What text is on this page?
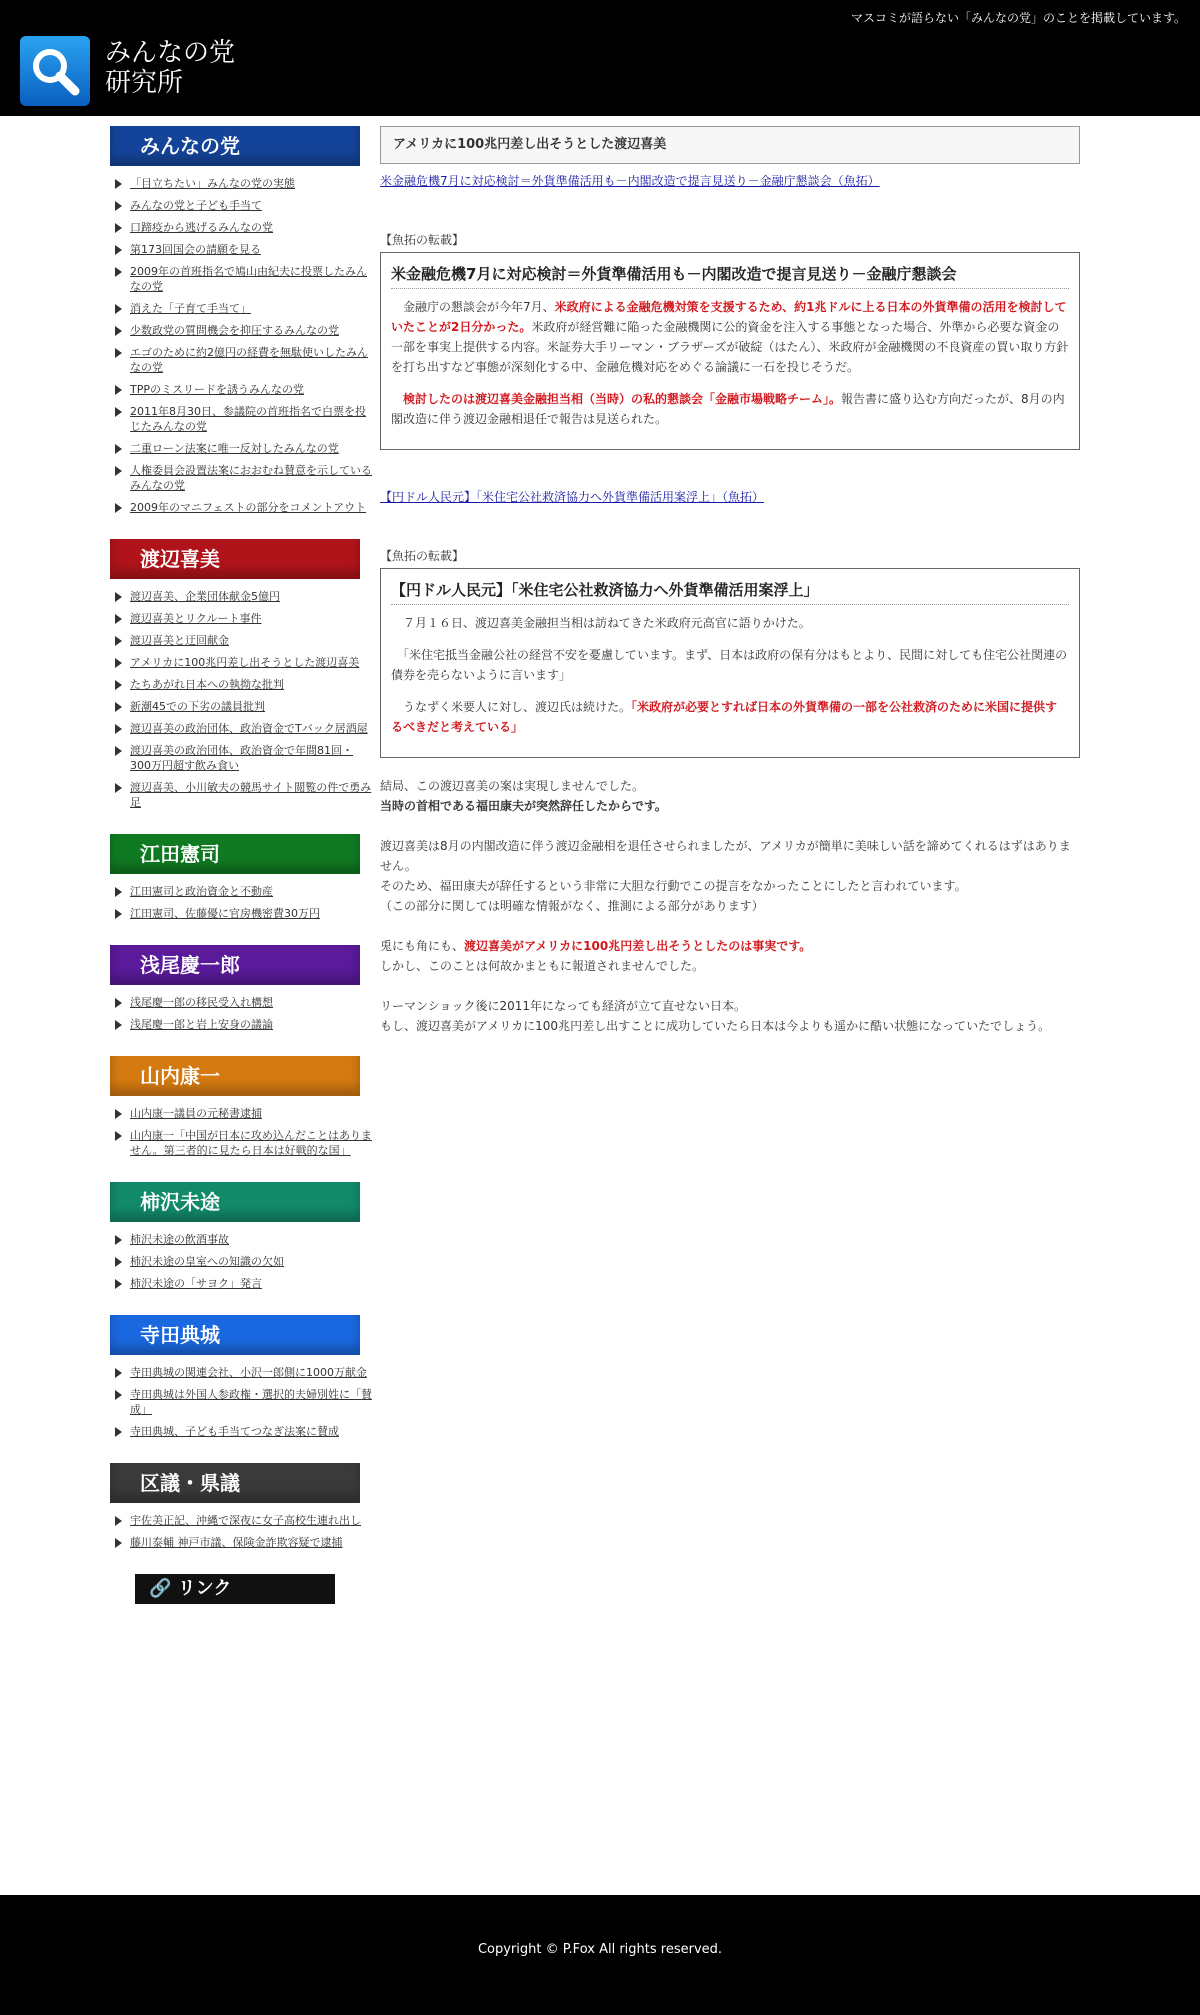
マスコミが語らない「みんなの党」のことを掲載しています。
みんなの党
研究所
みんなの党
「目立ちたい」みんなの党の実態
みんなの党と子ども手当て
口蹄疫から逃げるみんなの党
第173回国会の請願を見る
2009年の首班指名で鳩山由紀夫に投票したみんなの党
消えた「子育て手当て」
少数政党の質問機会を抑圧するみんなの党
エゴのために約2億円の経費を無駄使いしたみんなの党
TPPのミスリードを誘うみんなの党
2011年8月30日、参議院の首班指名で白票を投じたみんなの党
二重ローン法案に唯一反対したみんなの党
人権委員会設置法案におおむね賛意を示しているみんなの党
2009年のマニフェストの部分をコメントアウト
渡辺喜美
渡辺喜美、企業団体献金5億円
渡辺喜美とリクルート事件
渡辺喜美と迂回献金
アメリカに100兆円差し出そうとした渡辺喜美
たちあがれ日本への執拗な批判
新潮45での下劣の議員批判
渡辺喜美の政治団体、政治資金でTバック居酒屋
渡辺喜美の政治団体、政治資金で年間81回・300万円超す飲み食い
渡辺喜美、小川敏夫の競馬サイト閲覧の件で勇み足
江田憲司
江田憲司と政治資金と不動産
江田憲司、佐藤優に官房機密費30万円
浅尾慶一郎
浅尾慶一郎の移民受入れ構想
浅尾慶一郎と岩上安身の議論
山内康一
山内康一議員の元秘書逮捕
山内康一「中国が日本に攻め込んだことはありません。第三者的に見たら日本は好戦的な国」
柿沢未途
柿沢未途の飲酒事故
柿沢未途の皇室への知識の欠如
柿沢未途の「サヨク」発言
寺田典城
寺田典城の関連会社、小沢一郎側に1000万献金
寺田典城は外国人参政権・選択的夫婦別姓に「賛成」
寺田典城、子ども手当てつなぎ法案に賛成
区議・県議
宇佐美正記、沖縄で深夜に女子高校生連れ出し
藤川泰輔 神戸市議、保険金詐欺容疑で逮捕
🔗 リンク
アメリカに100兆円差し出そうとした渡辺喜美

米金融危機7月に対応検討＝外貨準備活用も－内閣改造で提言見送り－金融庁懇談会（魚拓）

【魚拓の転載】

米金融危機7月に対応検討＝外貨準備活用も－内閣改造で提言見送り－金融庁懇談会

　金融庁の懇談会が今年7月、米政府による金融危機対策を支援するため、約1兆ドルに上る日本の外貨準備の活用を検討していたことが2日分かった。米政府が経営難に陥った金融機関に公的資金を注入する事態となった場合、外準から必要な資金の一部を事実上提供する内容。米証券大手リーマン・ブラザーズが破綻（はたん）、米政府が金融機関の不良資産の買い取り方針を打ち出すなど事態が深刻化する中、金融危機対応をめぐる論議に一石を投じそうだ。

　検討したのは渡辺喜美金融担当相（当時）の私的懇談会「金融市場戦略チーム」。報告書に盛り込む方向だったが、8月の内閣改造に伴う渡辺金融相退任で報告は見送られた。

【円ドル人民元】「米住宅公社救済協力へ外貨準備活用案浮上」（魚拓）

【魚拓の転載】

【円ドル人民元】「米住宅公社救済協力へ外貨準備活用案浮上」

　７月１６日、渡辺喜美金融担当相は訪ねてきた米政府元高官に語りかけた。

　「米住宅抵当金融公社の経営不安を憂慮しています。まず、日本は政府の保有分はもとより、民間に対しても住宅公社関連の債券を売らないように言います」

　うなずく米要人に対し、渡辺氏は続けた。「米政府が必要とすれば日本の外貨準備の一部を公社救済のために米国に提供するべきだと考えている」

結局、この渡辺喜美の案は実現しませんでした。
当時の首相である福田康夫が突然辞任したからです。

渡辺喜美は8月の内閣改造に伴う渡辺金融相を退任させられましたが、アメリカが簡単に美味しい話を諦めてくれるはずはありません。
そのため、福田康夫が辞任するという非常に大胆な行動でこの提言をなかったことにしたと言われています。
（この部分に関しては明確な情報がなく、推測による部分があります）

兎にも角にも、渡辺喜美がアメリカに100兆円差し出そうとしたのは事実です。
しかし、このことは何故かまともに報道されませんでした。

リーマンショック後に2011年になっても経済が立て直せない日本。
もし、渡辺喜美がアメリカに100兆円差し出すことに成功していたら日本は今よりも遥かに酷い状態になっていたでしょう。

Copyright © P.Fox All rights reserved.
